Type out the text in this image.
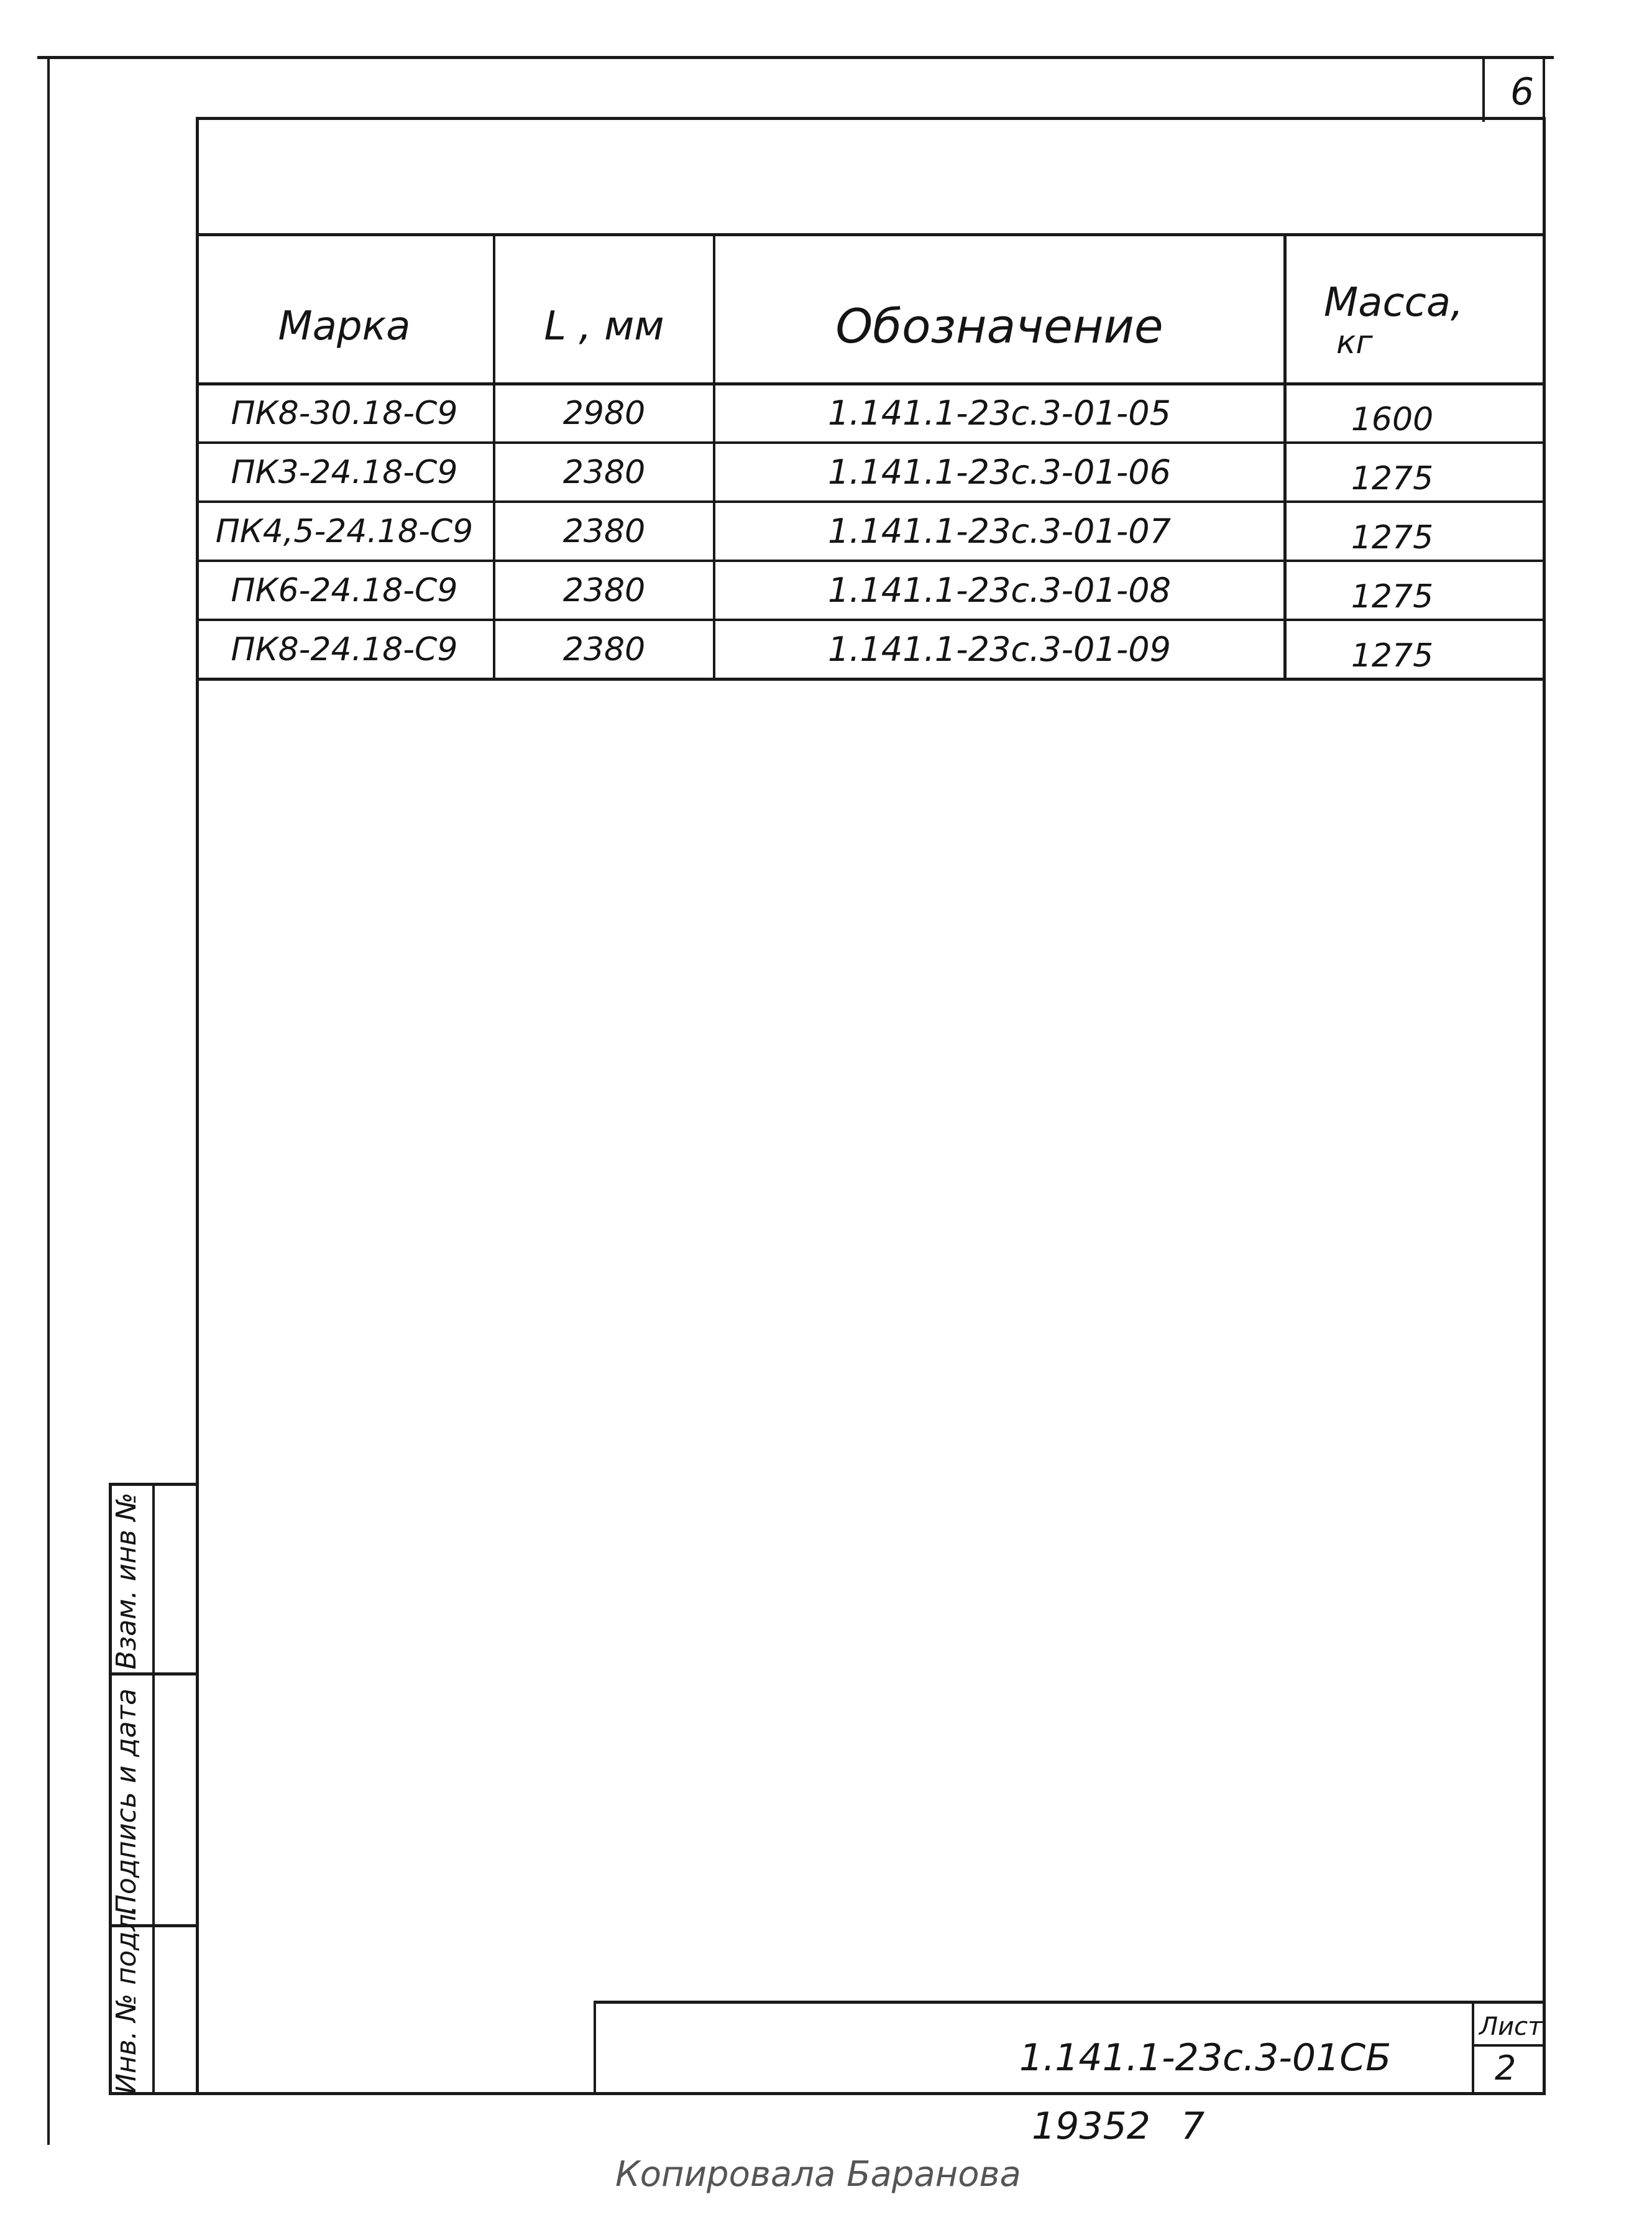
6
Марка	L , мм	Обозначение	Масса,
кг
ПК8-30.18-С9	2980	1.141.1-23с.3-01-05	1600
ПК3-24.18-С9	2380	1.141.1-23с.3-01-06	1275
ПК4,5-24.18-С9	2380	1.141.1-23с.3-01-07	1275
ПК6-24.18-С9	2380	1.141.1-23с.3-01-08	1275
ПК8-24.18-С9	2380	1.141.1-23с.3-01-09	1275
Взам. инв №
Подпись и дата
Инв. № подл.	1.141.1-23с.3-01СБ
Лист
2
19352 7
Копировала Баранова
